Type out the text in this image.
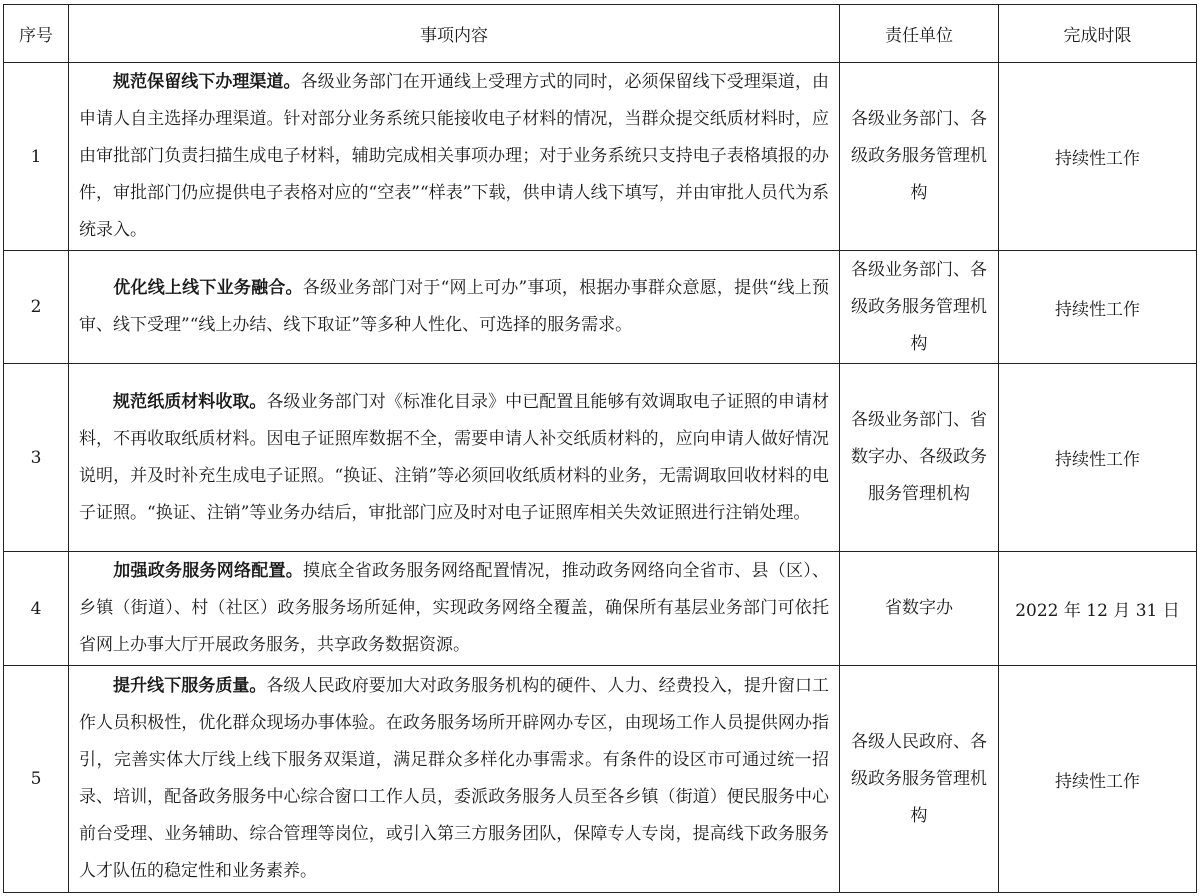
序号	事项内容	责任单位	完成时限
1	规范保留线下办理渠道。各级业务部门在开通线上受理方式的同时，必须保留线下受理渠道，由申请人自主选择办理渠道。针对部分业务系统只能接收电子材料的情况，当群众提交纸质材料时，应由审批部门负责扫描生成电子材料，辅助完成相关事项办理；对于业务系统只支持电子表格填报的办件，审批部门仍应提供电子表格对应的“空表”“样表”下载，供申请人线下填写，并由审批人员代为系统录入。	各级业务部门、各级政务服务管理机构	持续性工作
2	优化线上线下业务融合。各级业务部门对于“网上可办”事项，根据办事群众意愿，提供“线上预审、线下受理”“线上办结、线下取证”等多种人性化、可选择的服务需求。	各级业务部门、各级政务服务管理机构	持续性工作
3	规范纸质材料收取。各级业务部门对《标准化目录》中已配置且能够有效调取电子证照的申请材料，不再收取纸质材料。因电子证照库数据不全，需要申请人补交纸质材料的，应向申请人做好情况说明，并及时补充生成电子证照。“换证、注销”等必须回收纸质材料的业务，无需调取回收材料的电子证照。“换证、注销”等业务办结后，审批部门应及时对电子证照库相关失效证照进行注销处理。	各级业务部门、省数字办、各级政务服务管理机构	持续性工作
4	加强政务服务网络配置。摸底全省政务服务网络配置情况，推动政务网络向全省市、县（区）、乡镇（街道）、村（社区）政务服务场所延伸，实现政务网络全覆盖，确保所有基层业务部门可依托省网上办事大厅开展政务服务，共享政务数据资源。	省数字办	2022 年 12 月 31 日
5	提升线下服务质量。各级人民政府要加大对政务服务机构的硬件、人力、经费投入，提升窗口工作人员积极性，优化群众现场办事体验。在政务服务场所开辟网办专区，由现场工作人员提供网办指引，完善实体大厅线上线下服务双渠道，满足群众多样化办事需求。有条件的设区市可通过统一招录、培训，配备政务服务中心综合窗口工作人员，委派政务服务人员至各乡镇（街道）便民服务中心前台受理、业务辅助、综合管理等岗位，或引入第三方服务团队，保障专人专岗，提高线下政务服务人才队伍的稳定性和业务素养。	各级人民政府、各级政务服务管理机构	持续性工作
